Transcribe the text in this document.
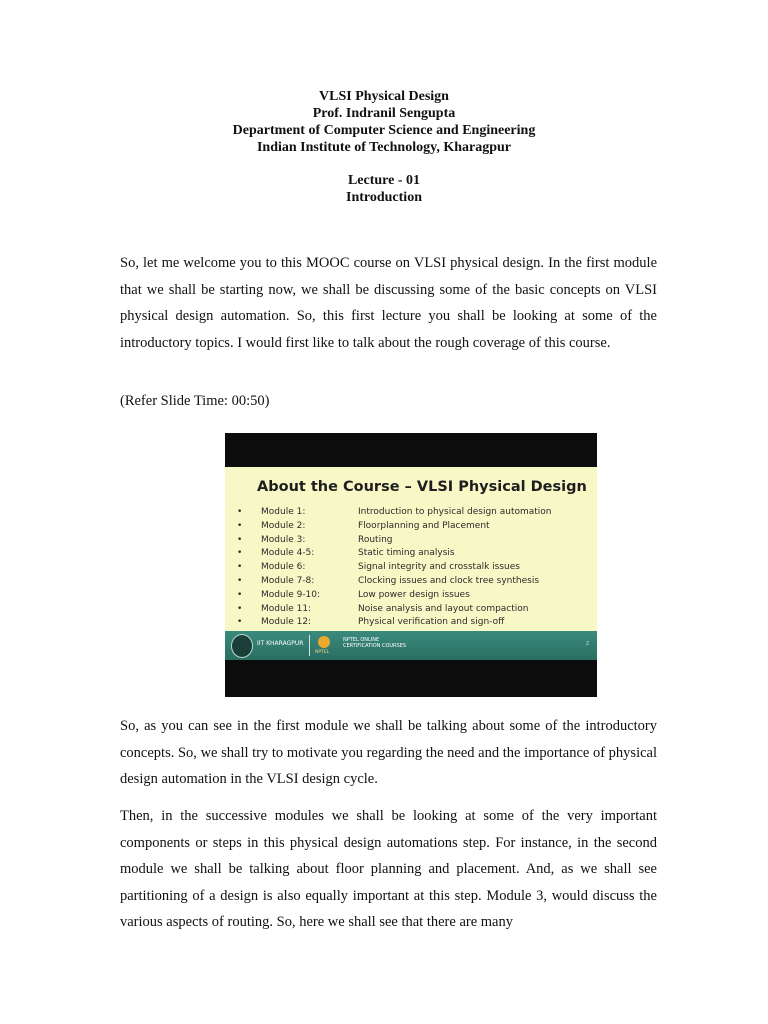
VLSI Physical Design
Prof. Indranil Sengupta
Department of Computer Science and Engineering
Indian Institute of Technology, Kharagpur
Lecture - 01
Introduction

So, let me welcome you to this MOOC course on VLSI physical design. In the first module that we shall be starting now, we shall be discussing some of the basic concepts on VLSI physical design automation. So, this first lecture you shall be looking at some of the introductory topics. I would first like to talk about the rough coverage of this course.

(Refer Slide Time: 00:50)

About the Course – VLSI Physical Design
• Module 1:	Introduction to physical design automation
• Module 2:	Floorplanning and Placement
• Module 3:	Routing
• Module 4-5:	Static timing analysis
• Module 6:	Signal integrity and crosstalk issues
• Module 7-8:	Clocking issues and clock tree synthesis
• Module 9-10:	Low power design issues
• Module 11:	Noise analysis and layout compaction
• Module 12:	Physical verification and sign-off
IIT KHARAGPUR
NPTEL
NPTEL ONLINE
CERTIFICATION COURSES	2

So, as you can see in the first module we shall be talking about some of the introductory concepts. So, we shall try to motivate you regarding the need and the importance of physical design automation in the VLSI design cycle.

Then, in the successive modules we shall be looking at some of the very important components or steps in this physical design automations step. For instance, in the second module we shall be talking about floor planning and placement. And, as we shall see partitioning of a design is also equally important at this step. Module 3, would discuss the various aspects of routing. So, here we shall see that there are many
